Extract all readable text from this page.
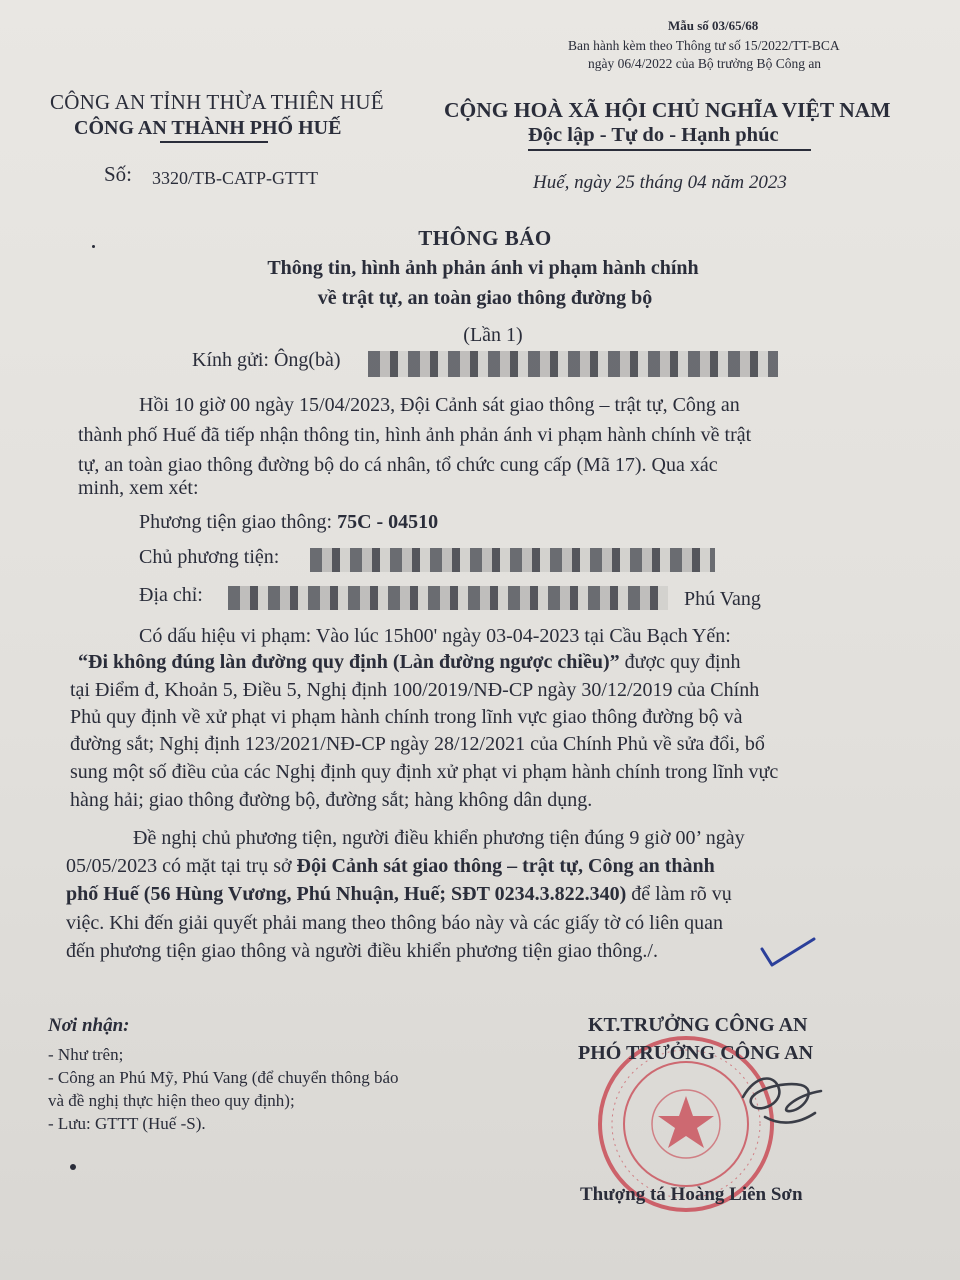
Mẫu số 03/65/68
Ban hành kèm theo Thông tư số 15/2022/TT-BCA
ngày 06/4/2022 của Bộ trưởng Bộ Công an
CÔNG AN TỈNH THỪA THIÊN HUẾ
CÔNG AN THÀNH PHỐ HUẾ
CỘNG HOÀ XÃ HỘI CHỦ NGHĨA VIỆT NAM
Độc lập - Tự do - Hạnh phúc
Số: 3320/TB-CATP-GTTT	Huế, ngày 25 tháng 04 năm 2023
THÔNG BÁO
Thông tin, hình ảnh phản ánh vi phạm hành chính
về trật tự, an toàn giao thông đường bộ
(Lần 1)
Kính gửi: Ông(bà)
Hồi 10 giờ 00 ngày 15/04/2023, Đội Cảnh sát giao thông – trật tự, Công an
thành phố Huế đã tiếp nhận thông tin, hình ảnh phản ánh vi phạm hành chính về trật
tự, an toàn giao thông đường bộ do cá nhân, tổ chức cung cấp (Mã 17). Qua xác
minh, xem xét:
Phương tiện giao thông: 75C - 04510
Chủ phương tiện:
Địa chỉ:	Phú Vang
Có dấu hiệu vi phạm: Vào lúc 15h00' ngày 03-04-2023 tại Cầu Bạch Yến:
“Đi không đúng làn đường quy định (Làn đường ngược chiều)” được quy định
tại Điểm đ, Khoản 5, Điều 5, Nghị định 100/2019/NĐ-CP ngày 30/12/2019 của Chính
Phủ quy định về xử phạt vi phạm hành chính trong lĩnh vực giao thông đường bộ và
đường sắt; Nghị định 123/2021/NĐ-CP ngày 28/12/2021 của Chính Phủ về sửa đổi, bổ
sung một số điều của các Nghị định quy định xử phạt vi phạm hành chính trong lĩnh vực
hàng hải; giao thông đường bộ, đường sắt; hàng không dân dụng.
Đề nghị chủ phương tiện, người điều khiển phương tiện đúng 9 giờ 00’ ngày
05/05/2023 có mặt tại trụ sở Đội Cảnh sát giao thông – trật tự, Công an thành
phố Huế (56 Hùng Vương, Phú Nhuận, Huế; SĐT 0234.3.822.340) để làm rõ vụ
việc. Khi đến giải quyết phải mang theo thông báo này và các giấy tờ có liên quan
đến phương tiện giao thông và người điều khiển phương tiện giao thông./.
Nơi nhận:
- Như trên;
- Công an Phú Mỹ, Phú Vang (để chuyển thông báo
và đề nghị thực hiện theo quy định);
- Lưu: GTTT (Huế -S).
KT.TRƯỞNG CÔNG AN
PHÓ TRƯỞNG CÔNG AN
Thượng tá Hoàng Liên Sơn
